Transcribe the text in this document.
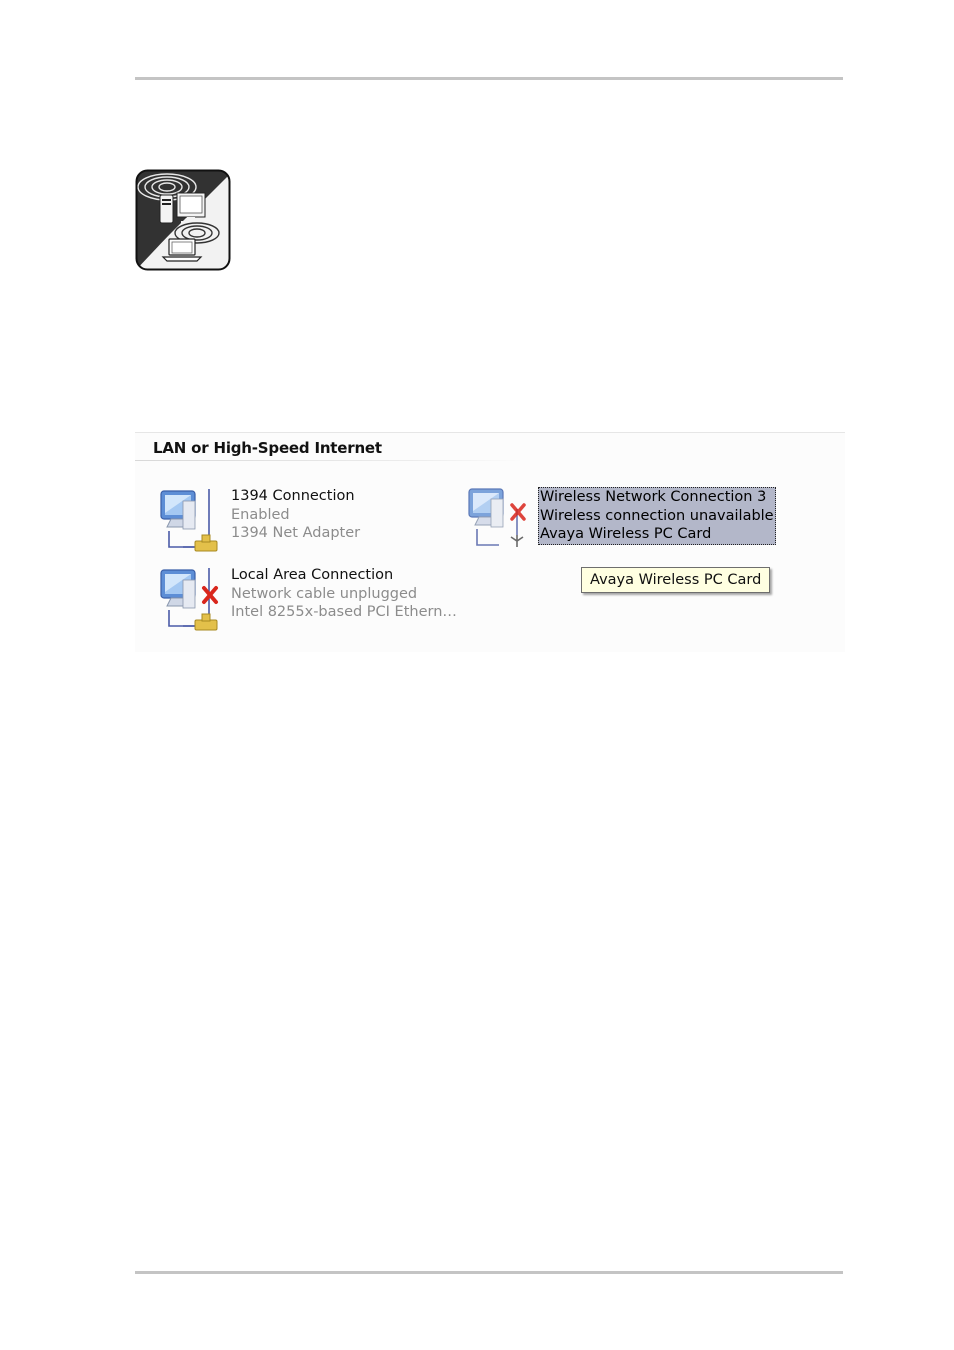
LAN or High-Speed Internet
1394 Connection
Enabled
1394 Net Adapter
Wireless Network Connection 3
Wireless connection unavailable
Avaya Wireless PC Card
Local Area Connection
Network cable unplugged
Intel 8255x-based PCI Ethern…
Avaya Wireless PC Card
